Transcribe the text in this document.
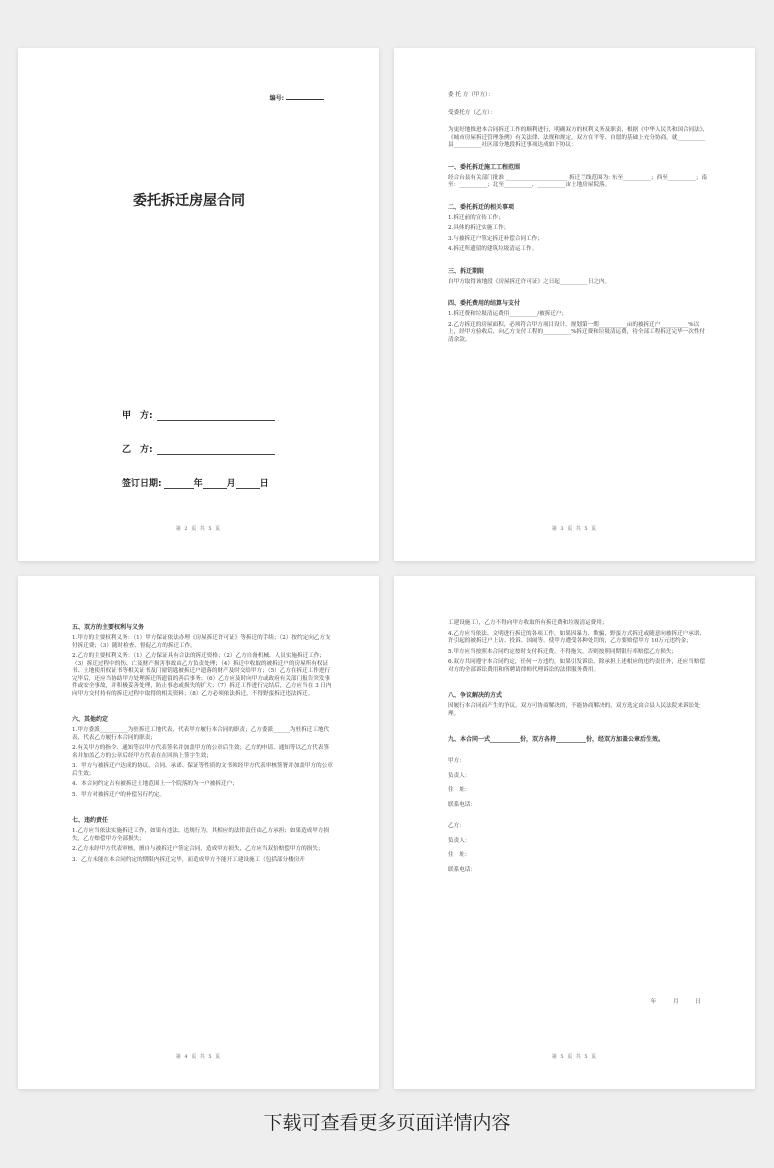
编号:
委托拆迁房屋合同
甲　方:
乙　方:
签订日期:	年	月	日
第 2 页 共 5 页

委 托 方（甲方）：

受委托方（乙方）：

为更好地推进本合同拆迁工作的顺利进行，明确双方的权利义务及职责，根据《中华人民共和国合同法》、《城市房屋拆迁管理条例》有关法律、法规和规定，双方在平等、自愿的基础上充分协商，就__________县__________社区部分地段拆迁事项达成如下协议：

一、委托拆迁施工工程范围

经合台县有关部门批准 ______________________ 拆迁兰线范围为: 东至__________；西至__________；南至：__________；北至__________，__________宙土地房屋院落。

二、委托拆迁的相关事项

1.拆迁前的宣传工作；

2.具体的拆迁实施工作；

3.与被拆迁户签定拆迁补偿合同工作；

4.拆迁所遗留的建筑垃圾清运工作。

三、拆迁期限

自甲方取得该地段《房屋拆迁许可证》之日起__________日之内。

四、委托费用的结算与支付

1.拆迁费和垃圾清运费用__________/被拆迁户；

2.乙方拆迁的房屋面积，必须符合甲方项目设计、规划第一期__________亩的被拆迁户__________%以上，经甲方验收后，向乙方支付工程的__________%拆迁费和垃圾清运费，待全部工程拆迁完毕一次性付清余款。

第 3 页 共 5 页

五、双方的主要权利与义务

1.甲方的主要权利义务：（1）甲方保证依法办理《房屋拆迁许可证》等拆迁的手续；（2）按约定向乙方支付拆迁费；（3）随时检查、督促乙方的拆迁工作。

2.乙方的主要权利义务：（1）乙方保证具有合法的拆迁资格；（2）乙方自备机械、人员实施拆迁工作；（3）拆迁过程中的伤、亡及财产损害事故由乙方负责处理；（4）拆迁中收取的被拆迁户的房屋所有权证书、土地使用权证书等相关证书及门窗钥匙被拆迁户遗落的财产及时交给甲方；（5）乙方在拆迁工作进行完毕后，还应当协助甲方处理拆迁所遗留的善后事务；（6）乙方应及时向甲方或政府有关部门报告突发事件或安全事故，并积极妥善处理，防止事态或损失的扩大；（7）拆迁工作进行完结后，乙方应当在 3 日内向甲方交付持有的拆迁过程中取得的相关资料；（8）乙方必须依法拆迁，不得野蛮拆迁违法拆迁。

六、其他约定

1.甲方委派__________为驻拆迁工地代表，代表甲方履行本合同的职责；乙方委派______为驻拆迁工地代表，代表乙方履行本合同的职责；

2.有关甲方的指令、通知等以甲方代表签名并加盖甲方的公章后生效；乙方的申请、通知等以乙方代表签名并加盖乙方的公章后经甲方代表在在回执上签字生效；

3．甲方与被拆迁户达成的协议、合同、承诺、保证等性质的文书须经甲方代表审核签署并加盖甲方的公章后生效；

4．本合同约定占有被拆迁土地范围上一个院落的为一户被拆迁户；

5．甲方对被拆迁户的补偿另行约定。

七、违约责任

1.乙方应当依法实施拆迁工作，如果有违法、违规行为，其相应的法律责任由乙方承担；如果造成甲方损失，乙方赔偿甲方全部损失；

2.乙方未经甲方代表审核，擅自与被拆迁户签定合同，造成甲方损失，乙方应当双倍赔偿甲方的损失；

3．乙方未能在本合同约定的期限内拆迁完毕，而造成甲方不能开工建设施工（包括部分楼房开

第 4 页 共 5 页

工建设施工），乙方不得向甲方收取所有拆迁费和垃圾清运费用；

4.乙方应当依法、文明进行拆迁的各项工作，如果因暴力、欺骗，野蛮方式拆迁或随意向被拆迁户承诺、许引起的被拆迁户上访、投诉、国闹等，使甲方遭受各种处罚的，乙方要赔偿甲方 10万元违约金；

5.甲方应当按照本合同约定按时支付拆迁费，不得拖欠，否则按照同期银行率赔偿乙方损失；

6.双方共同遵守本合同约定，任何一方违约，如果引发诉讼，除承担上述相应的违约责任外，还应当赔偿对方的全部诉讼费用和所聘请律师代理诉讼的法律服务费用。

八、争议解决的方式

因履行本合同而产生的争议，双方可协商解决的，不能协商解决的，双方选定由合县人民法院来诉讼处理。

九、本合同一式__________份，双方各持__________份，经双方加盖公章后生效。

甲方：

负责人：

住　址：

联系电话：

乙方：

负责人：

住　址：

联系电话：

年　　　月　　　日
第 5 页 共 5 页
下载可查看更多页面详情内容
